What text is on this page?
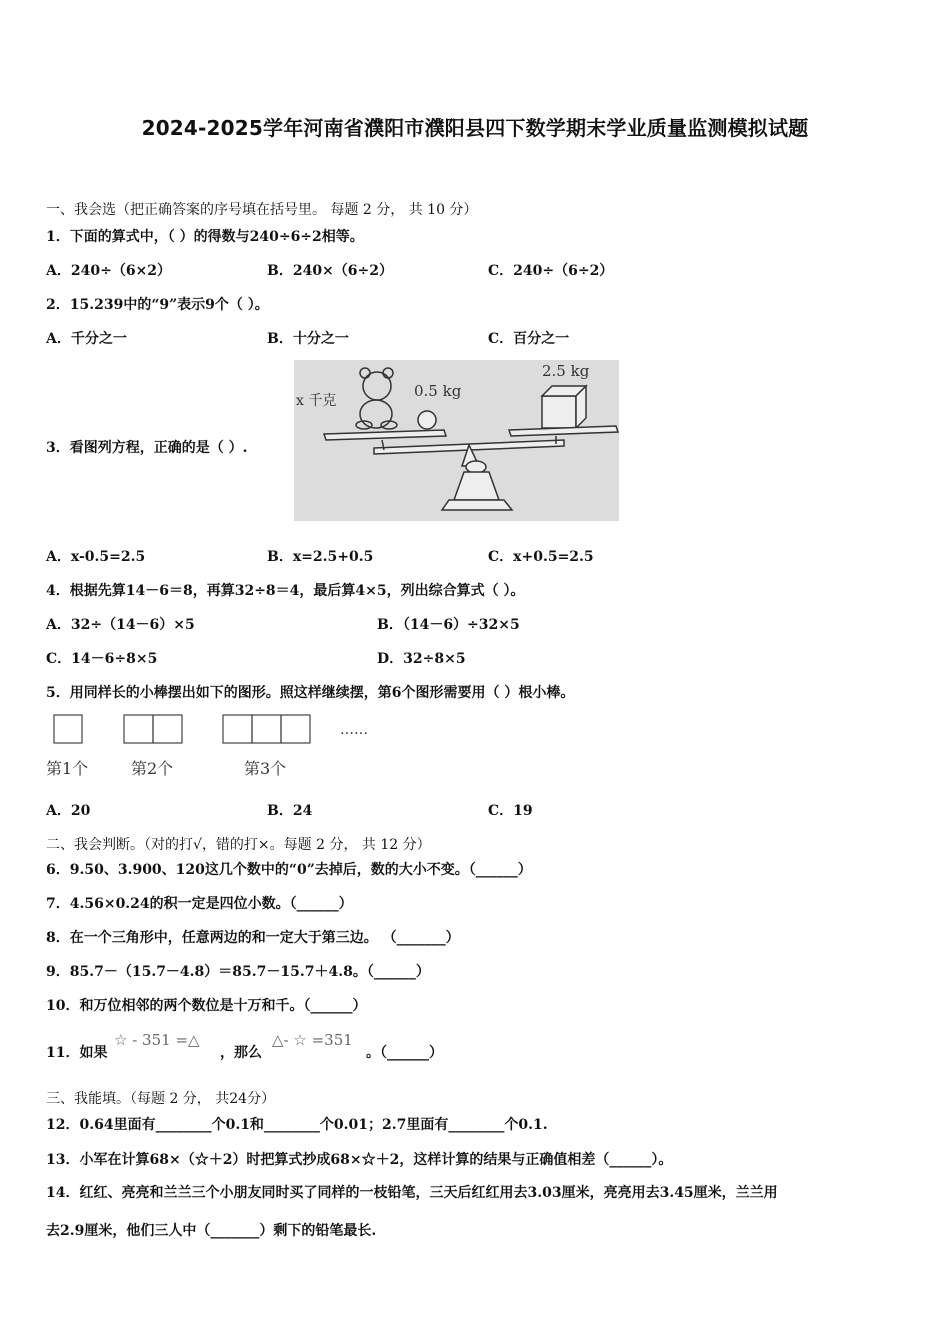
2024-2025学年河南省濮阳市濮阳县四下数学期末学业质量监测模拟试题
一、我会选（把正确答案的序号填在括号里。 每题 2 分， 共 10 分）
1．下面的算式中，（ ）的得数与240÷6÷2相等。
A．240÷（6×2）	B．240×（6÷2）	C．240÷（6÷2）
2．15.239中的“9”表示9个（ ）。
A．千分之一	B．十分之一	C．百分之一
3．看图列方程，正确的是（ ）.
x 千克
0.5 kg
2.5 kg
A．x-0.5=2.5	B．x=2.5+0.5	C．x+0.5=2.5
4．根据先算14－6＝8，再算32÷8＝4，最后算4×5，列出综合算式（ ）。
A．32÷（14－6）×5	B．（14－6）÷32×5
C．14－6÷8×5	D．32÷8×5
5．用同样长的小棒摆出如下的图形。照这样继续摆，第6个图形需要用（ ）根小棒。
……
第1个	第2个	第3个
A．20	B．24	C．19
二、我会判断。（对的打√，错的打×。每题 2 分， 共 12 分）
6．9.50、3.900、120这几个数中的“0”去掉后，数的大小不变。（______）
7．4.56×0.24的积一定是四位小数。（______）
8．在一个三角形中，任意两边的和一定大于第三边。 （_______）
9．85.7－（15.7－4.8）＝85.7－15.7＋4.8。（______）
10．和万位相邻的两个数位是十万和千。（______）
11．如果
☆ - 351 =△
，那么
△- ☆ =351
。（______）
三、我能填。（每题 2 分， 共24分）
12．0.64里面有________个0.1和________个0.01；2.7里面有________个0.1.
13．小军在计算68×（☆＋2）时把算式抄成68×☆＋2，这样计算的结果与正确值相差（______）。
14．红红、亮亮和兰兰三个小朋友同时买了同样的一枝铅笔，三天后红红用去3.03厘米，亮亮用去3.45厘米，兰兰用
去2.9厘米，他们三人中（_______）剩下的铅笔最长.
